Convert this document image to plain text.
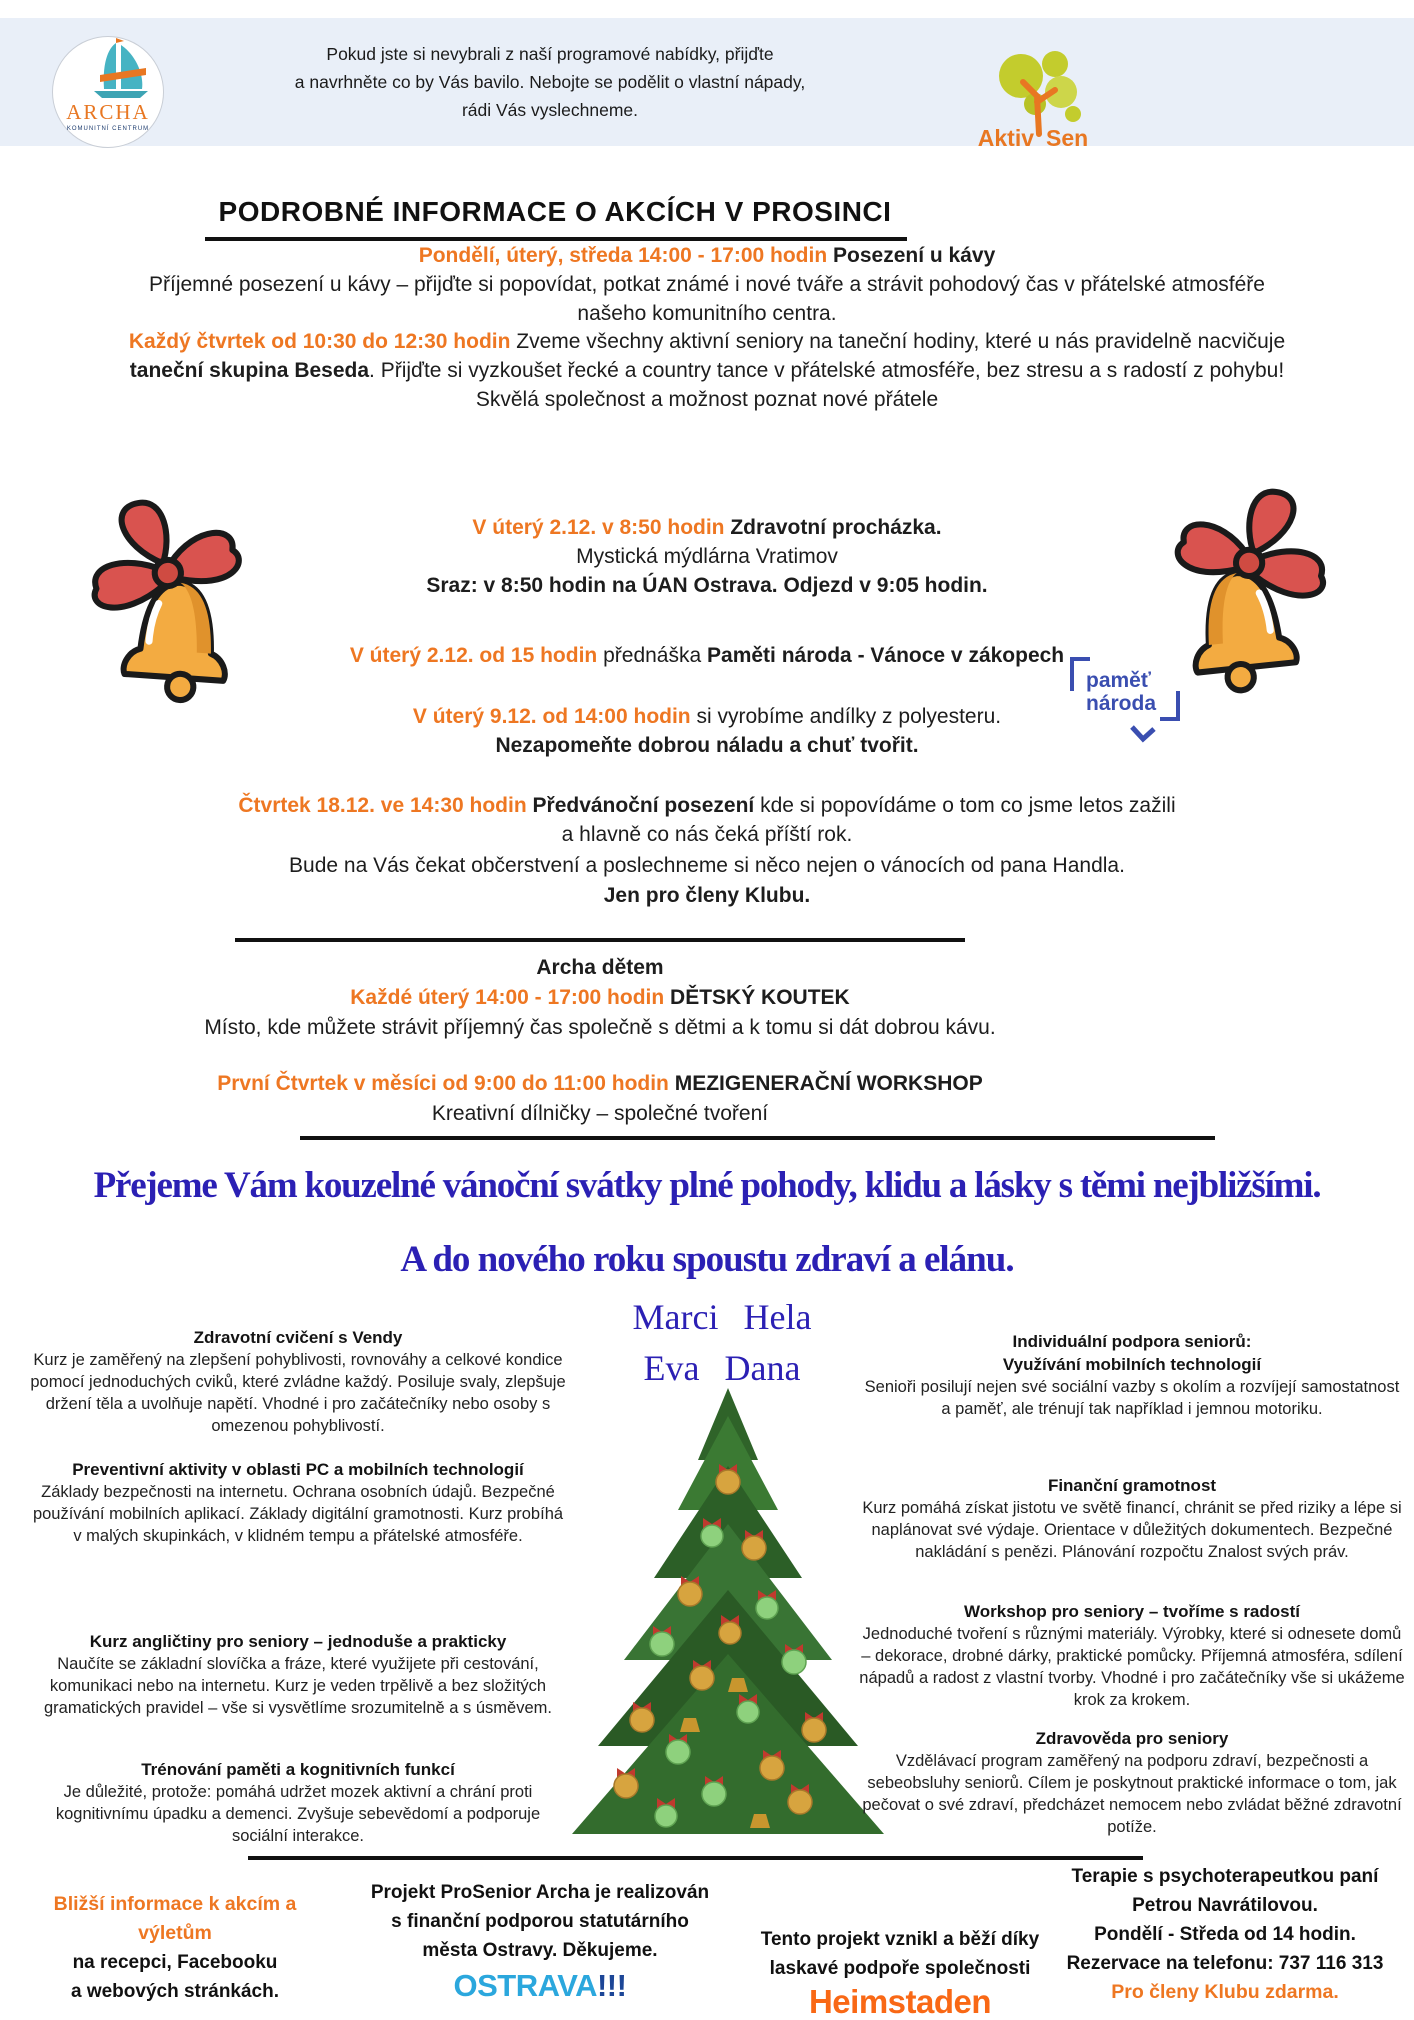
ARCHA
KOMUNITNÍ CENTRUM
Pokud jste si nevybrali z naší programové nabídky, přijďte
a navrhněte co by Vás bavilo. Nebojte se podělit o vlastní nápady,
rádi Vás vyslechneme.
Aktiv Sen
PODROBNÉ INFORMACE O AKCÍCH V PROSINCI

Pondělí, úterý, středa 14:00 - 17:00 hodin Posezení u kávy

Příjemné posezení u kávy – přijďte si popovídat, potkat známé i nové tváře a strávit pohodový čas v přátelské atmosféře

našeho komunitního centra.

Každý čtvrtek od 10:30 do 12:30 hodin Zveme všechny aktivní seniory na taneční hodiny, které u nás pravidelně nacvičuje

taneční skupina Beseda. Přijďte si vyzkoušet řecké a country tance v přátelské atmosféře, bez stresu a s radostí z pohybu!

Skvělá společnost a možnost poznat nové přátele

V úterý 2.12. v 8:50 hodin Zdravotní procházka.

Mystická mýdlárna Vratimov

Sraz: v 8:50 hodin na ÚAN Ostrava. Odjezd v 9:05 hodin.

V úterý 2.12. od 15 hodin přednáška Paměti národa - Vánoce v zákopech

paměť
národa

V úterý 9.12. od 14:00 hodin si vyrobíme andílky z polyesteru.

Nezapomeňte dobrou náladu a chuť tvořit.

Čtvrtek 18.12. ve 14:30 hodin Předvánoční posezení kde si popovídáme o tom co jsme letos zažili

a hlavně co nás čeká příští rok.

Bude na Vás čekat občerstvení a poslechneme si něco nejen o vánocích od pana Handla.

Jen pro členy Klubu.

Archa dětem

Každé úterý 14:00 - 17:00 hodin DĚTSKÝ KOUTEK

Místo, kde můžete strávit příjemný čas společně s dětmi a k tomu si dát dobrou kávu.

První Čtvrtek v měsíci od 9:00 do 11:00 hodin MEZIGENERAČNÍ WORKSHOP

Kreativní dílničky – společné tvoření

Přejeme Vám kouzelné vánoční svátky plné pohody, klidu a lásky s těmi nejbližšími.
A do nového roku spoustu zdraví a elánu.
Marci Hela
Eva Dana
Zdravotní cvičení s Vendy

Kurz je zaměřený na zlepšení pohyblivosti, rovnováhy a celkové kondice pomocí jednoduchých cviků, které zvládne každý. Posiluje svaly, zlepšuje držení těla a uvolňuje napětí. Vhodné i pro začátečníky nebo osoby s omezenou pohyblivostí.

Preventivní aktivity v oblasti PC a mobilních technologií

Základy bezpečnosti na internetu. Ochrana osobních údajů. Bezpečné používání mobilních aplikací. Základy digitální gramotnosti. Kurz probíhá v malých skupinkách, v klidném tempu a přátelské atmosféře.

Kurz angličtiny pro seniory – jednoduše a prakticky

Naučíte se základní slovíčka a fráze, které využijete při cestování, komunikaci nebo na internetu. Kurz je veden trpělivě a bez složitých gramatických pravidel – vše si vysvětlíme srozumitelně a s úsměvem.

Trénování paměti a kognitivních funkcí

Je důležité, protože: pomáhá udržet mozek aktivní a chrání proti kognitivnímu úpadku a demenci. Zvyšuje sebevědomí a podporuje sociální interakce.

Individuální podpora seniorů:
Využívání mobilních technologií

Senioři posilují nejen své sociální vazby s okolím a rozvíjejí samostatnost a paměť, ale trénují tak například i jemnou motoriku.

Finanční gramotnost

Kurz pomáhá získat jistotu ve světě financí, chránit se před riziky a lépe si naplánovat své výdaje. Orientace v důležitých dokumentech. Bezpečné nakládání s penězi. Plánování rozpočtu Znalost svých práv.

Workshop pro seniory – tvoříme s radostí

Jednoduché tvoření s různými materiály. Výrobky, které si odnesete domů – dekorace, drobné dárky, praktické pomůcky. Příjemná atmosféra, sdílení nápadů a radost z vlastní tvorby. Vhodné i pro začátečníky vše si ukážeme krok za krokem.

Zdravověda pro seniory

Vzdělávací program zaměřený na podporu zdraví, bezpečnosti a sebeobsluhy seniorů. Cílem je poskytnout praktické informace o tom, jak pečovat o své zdraví, předcházet nemocem nebo zvládat běžné zdravotní potíže.

Bližší informace k akcím a výletům
na recepci, Facebooku
a webových stránkách.
Projekt ProSenior Archa je realizován
s finanční podporou statutárního
města Ostravy. Děkujeme.
OSTRAVA!!!
Tento projekt vznikl a běží díky
laskavé podpoře společnosti
Heimstaden
Terapie s psychoterapeutkou paní
Petrou Navrátilovou.
Pondělí - Středa od 14 hodin.
Rezervace na telefonu: 737 116 313
Pro členy Klubu zdarma.
